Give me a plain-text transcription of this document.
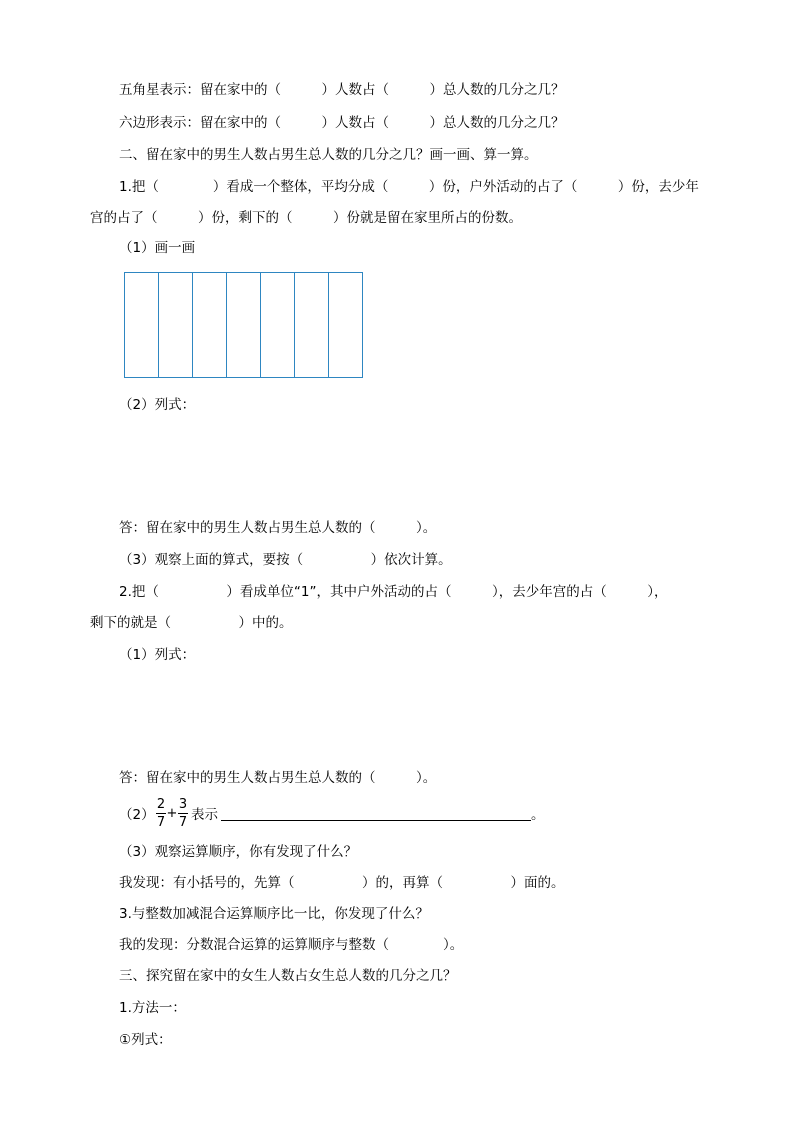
五角星表示：留在家中的（　　　）人数占（　　　）总人数的几分之几？
六边形表示：留在家中的（　　　）人数占（　　　）总人数的几分之几？
二、留在家中的男生人数占男生总人数的几分之几？画一画、算一算。
1.把（　　　　）看成一个整体，平均分成（　　　）份，户外活动的占了（　　　）份，去少年
宫的占了（　　　）份，剩下的（　　　）份就是留在家里所占的份数。
（1）画一画
（2）列式：
答：留在家中的男生人数占男生总人数的（　　　）。
（3）观察上面的算式，要按（　　　　　）依次计算。
2.把（　　　　　）看成单位“1”，其中户外活动的占（　　　），去少年宫的占（　　　），
剩下的就是（　　　　　）中的。
（1）列式：
答：留在家中的男生人数占男生总人数的（　　　）。
（2）
2
7
+
3
7 表示	。
（3）观察运算顺序，你有发现了什么？
我发现：有小括号的，先算（　　　　　）的，再算（　　　　　）面的。
3.与整数加减混合运算顺序比一比，你发现了什么？
我的发现：分数混合运算的运算顺序与整数（　　　　）。
三、探究留在家中的女生人数占女生总人数的几分之几？
1.方法一：
①列式：
